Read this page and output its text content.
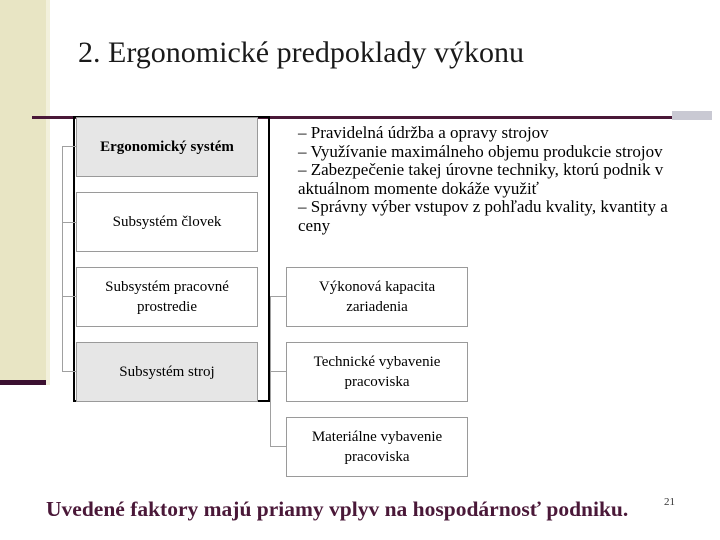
2. Ergonomické predpoklady výkonu
Ergonomický systém
Subsystém človek
Subsystém pracovné prostredie
Subsystém stroj
Výkonová kapacita zariadenia
Technické vybavenie pracoviska
Materiálne vybavenie pracoviska
– Pravidelná údržba a opravy strojov
– Využívanie maximálneho objemu produkcie strojov
– Zabezpečenie takej úrovne techniky, ktorú podnik v aktuálnom momente dokáže využiť
– Správny výber vstupov z pohľadu kvality, kvantity a ceny
Uvedené faktory majú priamy vplyv na hospodárnosť podniku.	21
